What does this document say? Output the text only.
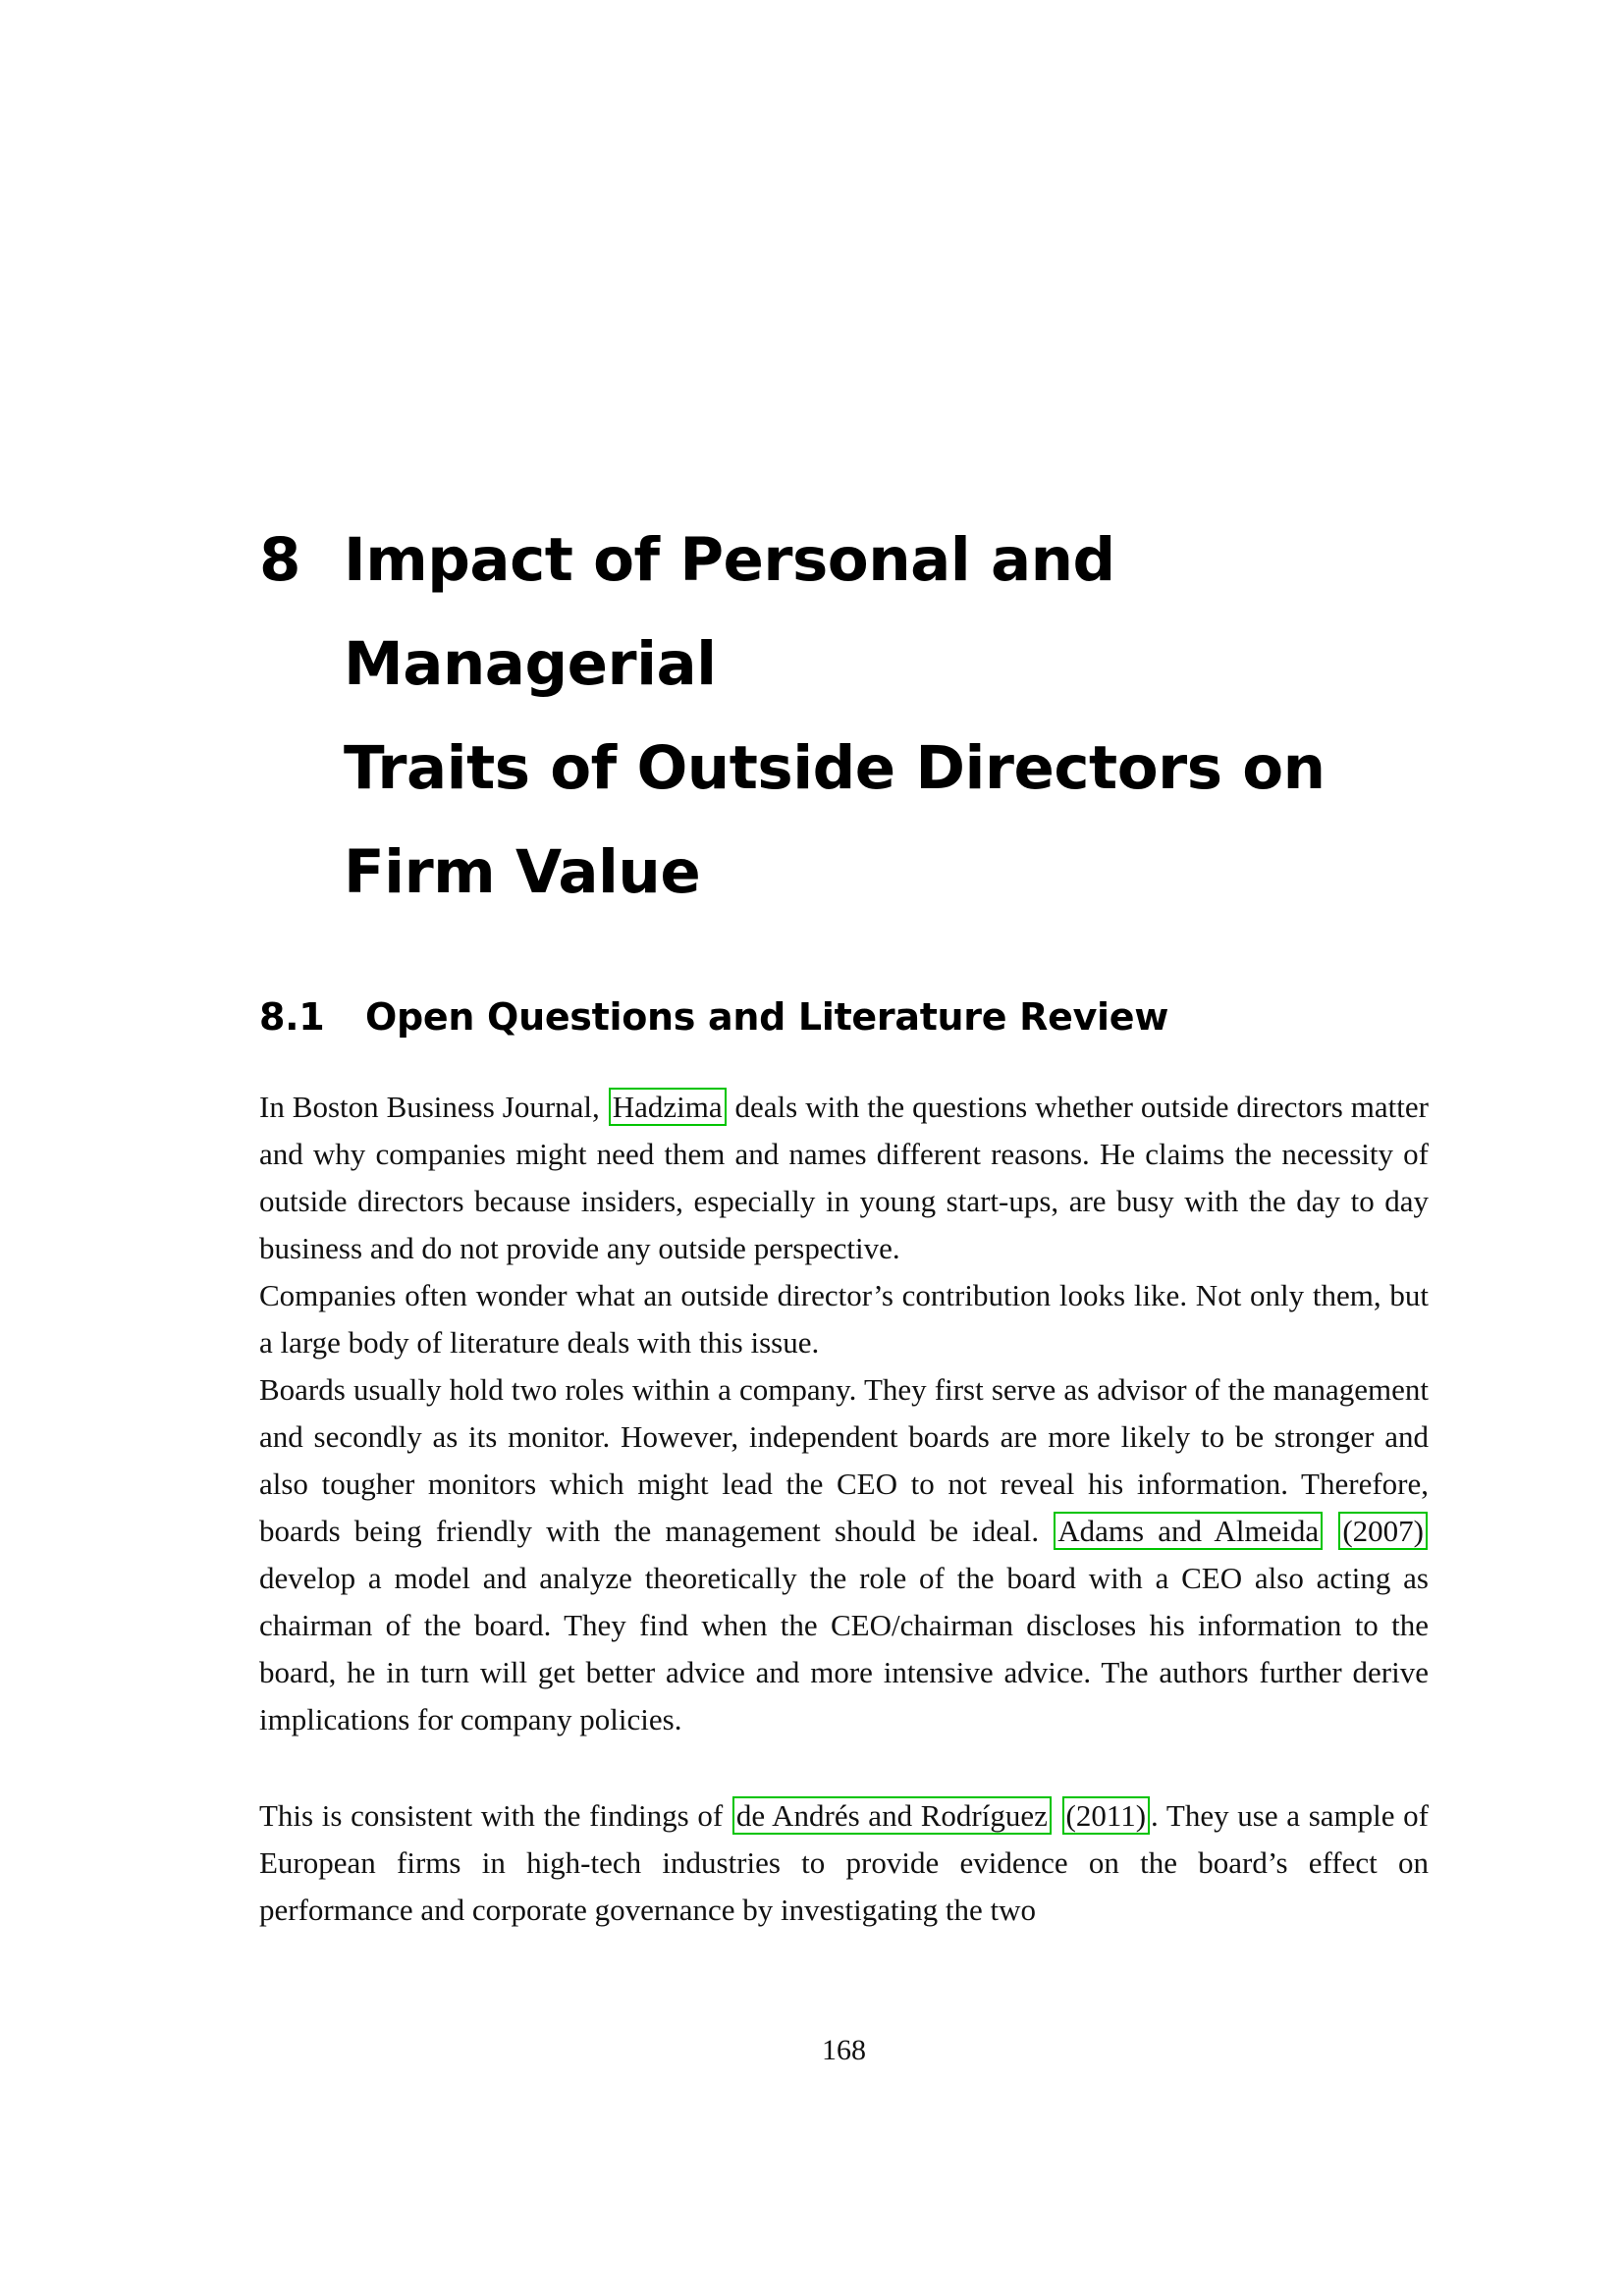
8 Impact of Personal and Managerial
Traits of Outside Directors on
Firm Value
8.1	Open Questions and Literature Review

In Boston Business Journal, Hadzima deals with the questions whether outside directors matter and why companies might need them and names different reasons. He claims the necessity of outside directors because insiders, especially in young start-ups, are busy with the day to day business and do not provide any outside perspective.

Companies often wonder what an outside director’s contribution looks like. Not only them, but a large body of literature deals with this issue.

Boards usually hold two roles within a company. They first serve as advisor of the management and secondly as its monitor. However, independent boards are more likely to be stronger and also tougher monitors which might lead the CEO to not reveal his information. Therefore, boards being friendly with the management should be ideal. Adams and Almeida (2007) develop a model and analyze theoretically the role of the board with a CEO also acting as chairman of the board. They find when the CEO/chairman discloses his information to the board, he in turn will get better advice and more intensive advice. The authors further derive implications for company policies.

This is consistent with the findings of de Andrés and Rodríguez (2011) . They use a sample of European firms in high-tech industries to provide evidence on the board’s effect on performance and corporate governance by investigating the two

168
